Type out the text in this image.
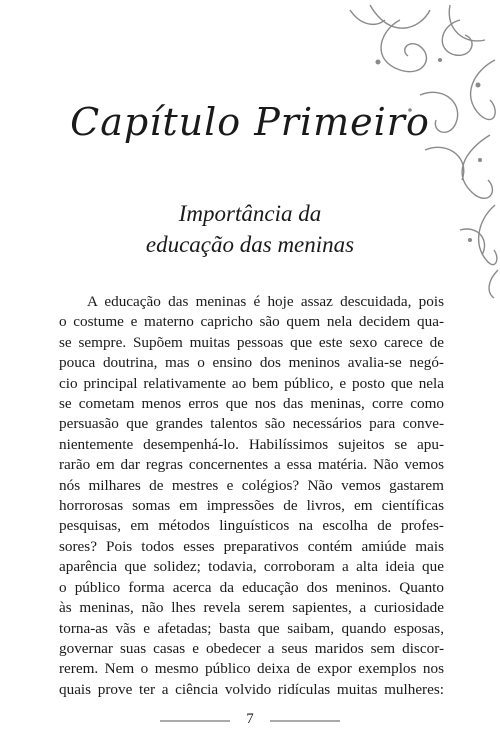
Capítulo Primeiro
Importância da
educação das meninas
A educação das meninas é hoje assaz descuidada, pois
o costume e materno capricho são quem nela decidem qua-
se sempre. Supõem muitas pessoas que este sexo carece de
pouca doutrina, mas o ensino dos meninos avalia-se negó-
cio principal relativamente ao bem público, e posto que nela
se cometam menos erros que nos das meninas, corre como
persuasão que grandes talentos são necessários para conve-
nientemente desempenhá-lo. Habilíssimos sujeitos se apu-
rarão em dar regras concernentes a essa matéria. Não vemos
nós milhares de mestres e colégios? Não vemos gastarem
horrorosas somas em impressões de livros, em científicas
pesquisas, em métodos linguísticos na escolha de profes-
sores? Pois todos esses preparativos contém amiúde mais
aparência que solidez; todavia, corroboram a alta ideia que
o público forma acerca da educação dos meninos. Quanto
às meninas, não lhes revela serem sapientes, a curiosidade
torna-as vãs e afetadas; basta que saibam, quando esposas,
governar suas casas e obedecer a seus maridos sem discor-
rerem. Nem o mesmo público deixa de expor exemplos nos
quais prove ter a ciência volvido ridículas muitas mulheres:
7
